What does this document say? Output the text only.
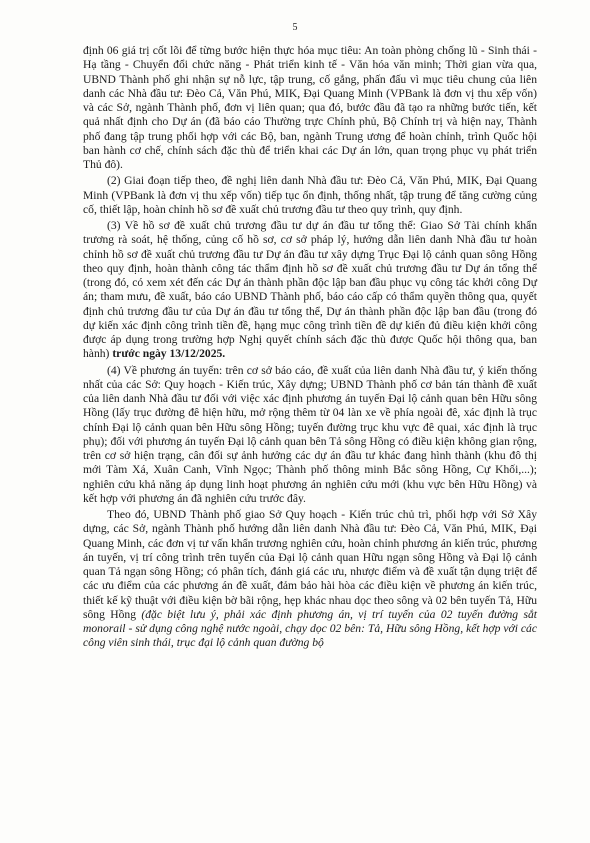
5

định 06 giá trị cốt lõi để từng bước hiện thực hóa mục tiêu: An toàn phòng chống lũ - Sinh thái - Hạ tầng - Chuyển đổi chức năng - Phát triển kinh tế - Văn hóa văn minh; Thời gian vừa qua, UBND Thành phố ghi nhận sự nỗ lực, tập trung, cố gắng, phấn đấu vì mục tiêu chung của liên danh các Nhà đầu tư: Đèo Cả, Văn Phú, MIK, Đại Quang Minh (VPBank là đơn vị thu xếp vốn) và các Sở, ngành Thành phố, đơn vị liên quan; qua đó, bước đầu đã tạo ra những bước tiến, kết quả nhất định cho Dự án (đã báo cáo Thường trực Chính phủ, Bộ Chính trị và hiện nay, Thành phố đang tập trung phối hợp với các Bộ, ban, ngành Trung ương để hoàn chỉnh, trình Quốc hội ban hành cơ chế, chính sách đặc thù để triển khai các Dự án lớn, quan trọng phục vụ phát triển Thủ đô).

(2) Giai đoạn tiếp theo, đề nghị liên danh Nhà đầu tư: Đèo Cả, Văn Phú, MIK, Đại Quang Minh (VPBank là đơn vị thu xếp vốn) tiếp tục ổn định, thống nhất, tập trung để tăng cường củng cố, thiết lập, hoàn chỉnh hồ sơ đề xuất chủ trương đầu tư theo quy trình, quy định.

(3) Về hồ sơ đề xuất chủ trương đầu tư dự án đầu tư tổng thể: Giao Sở Tài chính khẩn trương rà soát, hệ thống, củng cố hồ sơ, cơ sở pháp lý, hướng dẫn liên danh Nhà đầu tư hoàn chỉnh hồ sơ đề xuất chủ trương đầu tư Dự án đầu tư xây dựng Trục Đại lộ cảnh quan sông Hồng theo quy định, hoàn thành công tác thẩm định hồ sơ đề xuất chủ trương đầu tư Dự án tổng thể (trong đó, có xem xét đến các Dự án thành phần độc lập ban đầu phục vụ công tác khởi công Dự án; tham mưu, đề xuất, báo cáo UBND Thành phố, báo cáo cấp có thẩm quyền thông qua, quyết định chủ trương đầu tư của Dự án đầu tư tổng thể, Dự án thành phần độc lập ban đầu (trong đó dự kiến xác định công trình tiền đề, hạng mục công trình tiền đề dự kiến đủ điều kiện khởi công được áp dụng trong trường hợp Nghị quyết chính sách đặc thù được Quốc hội thông qua, ban hành) trước ngày 13/12/2025.

(4) Về phương án tuyến: trên cơ sở báo cáo, đề xuất của liên danh Nhà đầu tư, ý kiến thống nhất của các Sở: Quy hoạch - Kiến trúc, Xây dựng; UBND Thành phố cơ bản tán thành đề xuất của liên danh Nhà đầu tư đối với việc xác định phương án tuyến Đại lộ cảnh quan bên Hữu sông Hồng (lấy trục đường đê hiện hữu, mở rộng thêm từ 04 làn xe về phía ngoài đê, xác định là trục chính Đại lộ cảnh quan bên Hữu sông Hồng; tuyến đường trục khu vực đê quai, xác định là trục phụ); đối với phương án tuyến Đại lộ cảnh quan bên Tả sông Hồng có điều kiện không gian rộng, trên cơ sở hiện trạng, cân đối sự ảnh hưởng các dự án đầu tư khác đang hình thành (khu đô thị mới Tàm Xá, Xuân Canh, Vĩnh Ngọc; Thành phố thông minh Bắc sông Hồng, Cự Khối,...); nghiên cứu khả năng áp dụng linh hoạt phương án nghiên cứu mới (khu vực bên Hữu Hồng) và kết hợp với phương án đã nghiên cứu trước đây.

Theo đó, UBND Thành phố giao Sở Quy hoạch - Kiến trúc chủ trì, phối hợp với Sở Xây dựng, các Sở, ngành Thành phố hướng dẫn liên danh Nhà đầu tư: Đèo Cả, Văn Phú, MIK, Đại Quang Minh, các đơn vị tư vấn khẩn trương nghiên cứu, hoàn chỉnh phương án kiến trúc, phương án tuyến, vị trí công trình trên tuyến của Đại lộ cảnh quan Hữu ngạn sông Hồng và Đại lộ cảnh quan Tả ngạn sông Hồng; có phân tích, đánh giá các ưu, nhược điểm và đề xuất tận dụng triệt để các ưu điểm của các phương án đề xuất, đảm bảo hài hòa các điều kiện về phương án kiến trúc, thiết kế kỹ thuật với điều kiện bờ bãi rộng, hẹp khác nhau dọc theo sông và 02 bên tuyến Tả, Hữu sông Hồng (đặc biệt lưu ý, phải xác định phương án, vị trí tuyến của 02 tuyến đường sắt monorail - sử dụng công nghệ nước ngoài, chạy dọc 02 bên: Tả, Hữu sông Hồng, kết hợp với các công viên sinh thái, trục đại lộ cảnh quan đường bộ
